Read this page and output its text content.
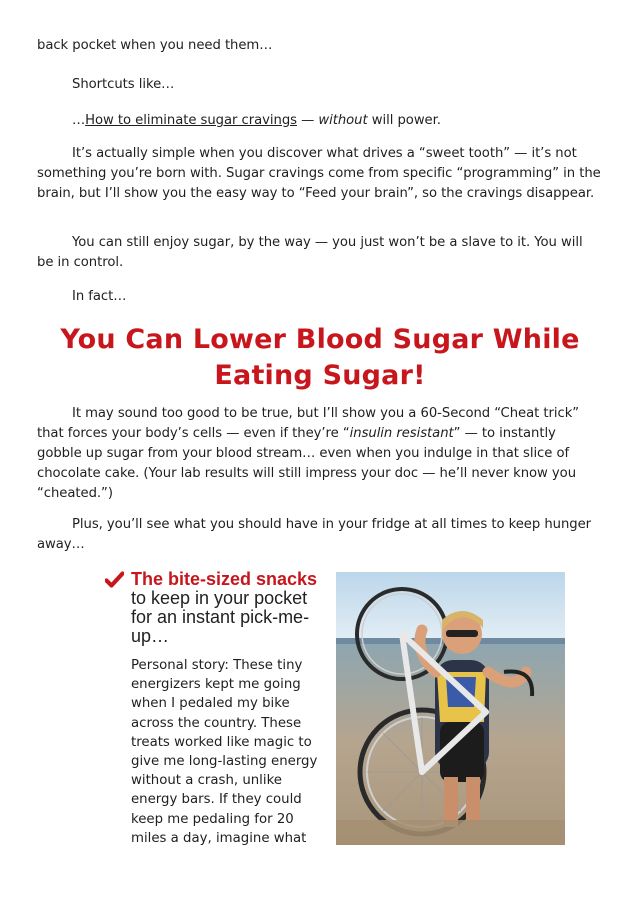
back pocket when you need them…

Shortcuts like…

…How to eliminate sugar cravings — without will power.

It’s actually simple when you discover what drives a “sweet tooth” — it’s not something you’re born with. Sugar cravings come from specific “programming” in the brain, but I’ll show you the easy way to “Feed your brain”, so the cravings disappear.

You can still enjoy sugar, by the way — you just won’t be a slave to it. You will be in control.

In fact…

You Can Lower Blood Sugar While
Eating Sugar!

It may sound too good to be true, but I’ll show you a 60-Second “Cheat trick” that forces your body’s cells — even if they’re “insulin resistant” — to instantly gobble up sugar from your blood stream… even when you indulge in that slice of chocolate cake. (Your lab results will still impress your doc — he’ll never know you “cheated.”)

Plus, you’ll see what you should have in your fridge at all times to keep hunger away…

The bite-sized snacks to keep in your pocket for an instant pick-me-up…

Personal story: These tiny energizers kept me going when I pedaled my bike across the country. These treats worked like magic to give me long-lasting energy without a crash, unlike energy bars. If they could keep me pedaling for 20 miles a day, imagine what
